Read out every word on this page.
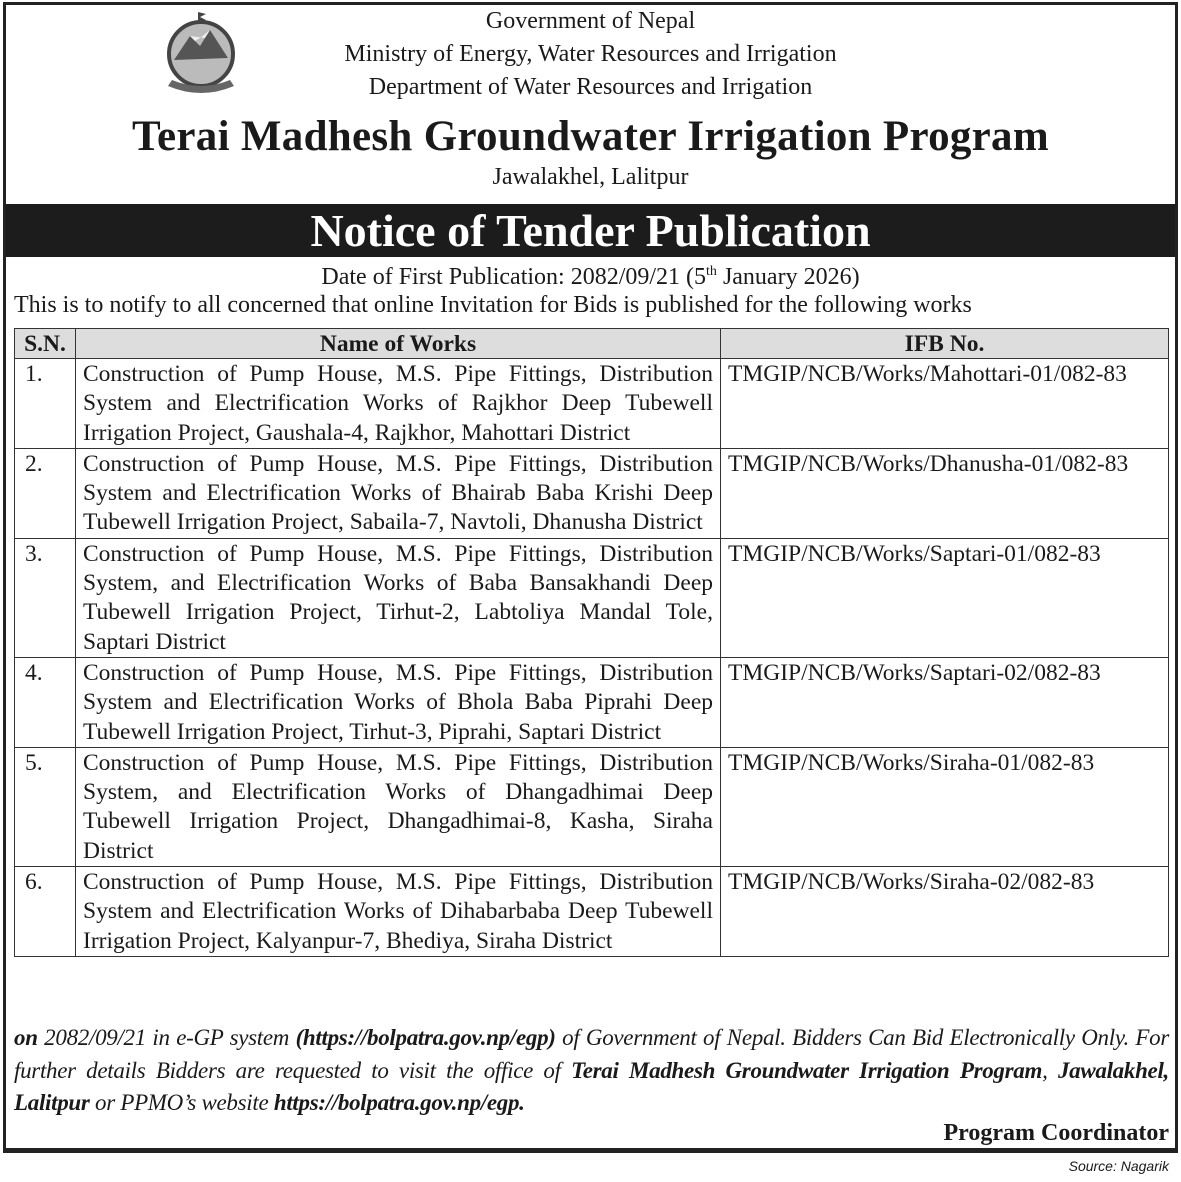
Government of Nepal
Ministry of Energy, Water Resources and Irrigation
Department of Water Resources and Irrigation
Terai Madhesh Groundwater Irrigation Program
Jawalakhel, Lalitpur
Notice of Tender Publication
Date of First Publication: 2082/09/21 (5th January 2026)
This is to notify to all concerned that online Invitation for Bids is published for the following works
S.N.	Name of Works	IFB No.
1.	Construction of Pump House, M.S. Pipe Fittings, Distribution System and Electrification Works of Rajkhor Deep Tubewell Irrigation Project, Gaushala-4, Rajkhor, Mahottari District	TMGIP/NCB/Works/Mahottari-01/082-83
2.	Construction of Pump House, M.S. Pipe Fittings, Distribution System and Electrification Works of Bhairab Baba Krishi Deep Tubewell Irrigation Project, Sabaila-7, Navtoli, Dhanusha District	TMGIP/NCB/Works/Dhanusha-01/082-83
3.	Construction of Pump House, M.S. Pipe Fittings, Distribution System, and Electrification Works of Baba Bansakhandi Deep Tubewell Irrigation Project, Tirhut-2, Labtoliya Mandal Tole, Saptari District	TMGIP/NCB/Works/Saptari-01/082-83
4.	Construction of Pump House, M.S. Pipe Fittings, Distribution System and Electrification Works of Bhola Baba Piprahi Deep Tubewell Irrigation Project, Tirhut-3, Piprahi, Saptari District	TMGIP/NCB/Works/Saptari-02/082-83
5.	Construction of Pump House, M.S. Pipe Fittings, Distribution System, and Electrification Works of Dhangadhimai Deep Tubewell Irrigation Project, Dhangadhimai-8, Kasha, Siraha District	TMGIP/NCB/Works/Siraha-01/082-83
6.	Construction of Pump House, M.S. Pipe Fittings, Distribution System and Electrification Works of Dihabarbaba Deep Tubewell Irrigation Project, Kalyanpur-7, Bhediya, Siraha District	TMGIP/NCB/Works/Siraha-02/082-83
on 2082/09/21 in e-GP system (https://bolpatra.gov.np/egp) of Government of Nepal. Bidders Can Bid Electronically Only. For further details Bidders are requested to visit the office of Terai Madhesh Groundwater Irrigation Program, Jawalakhel, Lalitpur or PPMO’s website https://bolpatra.gov.np/egp.
Program Coordinator
Source: Nagarik
